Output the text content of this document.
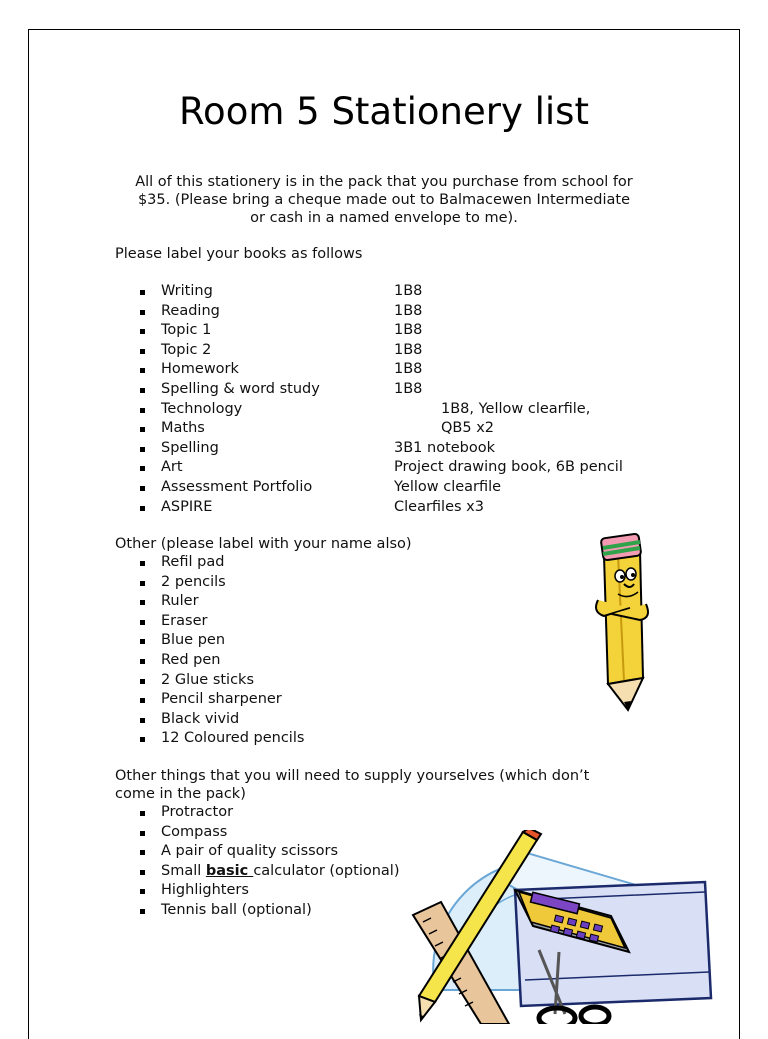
Room 5 Stationery list
All of this stationery is in the pack that you purchase from school for
$35. (Please bring a cheque made out to Balmacewen Intermediate
or cash in a named envelope to me).
Please label your books as follows
Writing	1B8
Reading	1B8
Topic 1	1B8
Topic 2	1B8
Homework	1B8
Spelling & word study	1B8
Technology	1B8, Yellow clearfile,
Maths	QB5 x2
Spelling	3B1 notebook
Art	Project drawing book, 6B pencil
Assessment Portfolio	Yellow clearfile
ASPIRE	Clearfiles x3
Other (please label with your name also)
Refil pad
2 pencils
Ruler
Eraser
Blue pen
Red pen
2 Glue sticks
Pencil sharpener
Black vivid
12 Coloured pencils
Other things that you will need to supply yourselves (which don’t
come in the pack)
Protractor
Compass
A pair of quality scissors
Small basic calculator (optional)
Highlighters
Tennis ball (optional)
